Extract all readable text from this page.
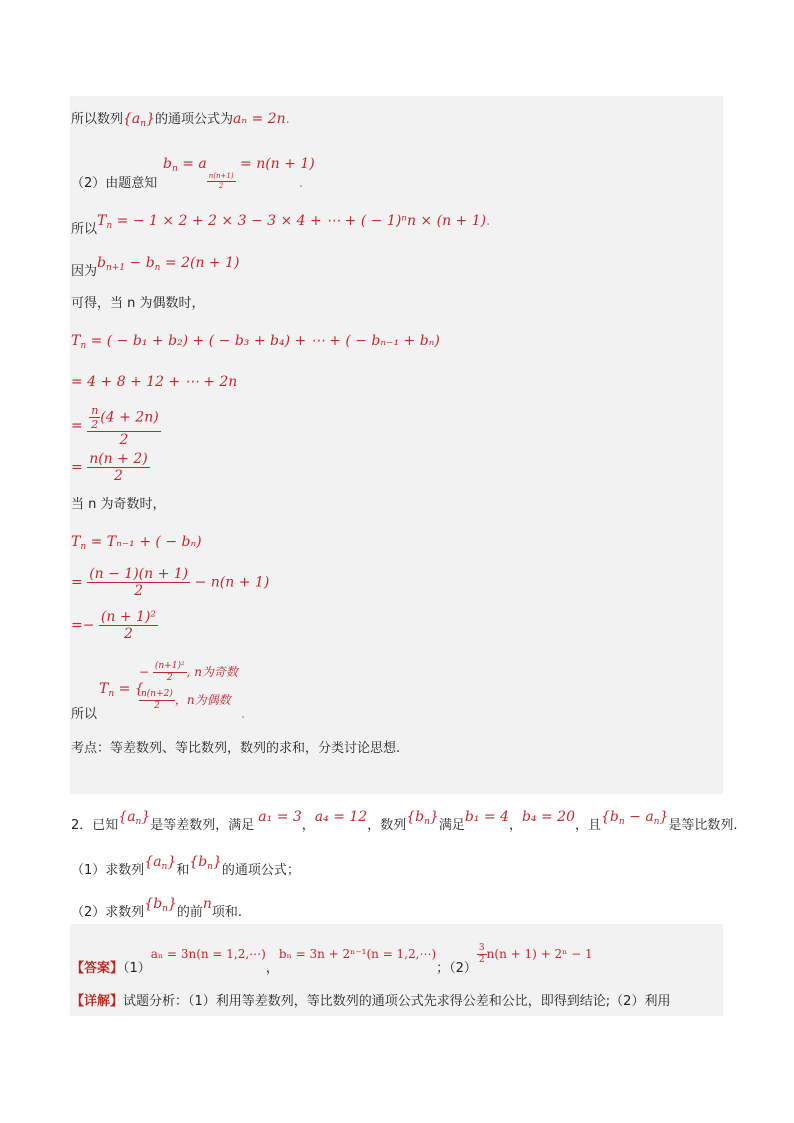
所以数列$\{a_n\}$的通项公式为aₙ = 2n.
（2）由题意知
$b_n = a$
$\frac{n(n+1)}{2}$
= n(n + 1)
.
所以$T_n$ = − 1 × 2 + 2 × 3 − 3 × 4 + ⋯ + ( − 1)ⁿn × (n + 1).
因为$b_{n+1} - b_n = 2(n + 1)$
可得，当 n 为偶数时，
$T_n$ = ( − b₁ + b₂) + ( − b₃ + b₄) + ⋯ + ( − bₙ₋₁ + bₙ)
= 4 + 8 + 12 + ⋯ + 2n
= $\frac{\frac{n}{2} (4 + 2n)}{2}$
= $\frac{n(n + 2)}{2}$
当 n 为奇数时，
$T_n = T_{n-1}$ + ( − bₙ)
= $\frac{(n - 1)(n + 1)}{2} - n(n + 1)$
=− $\frac{\text{(n + 1)²}}{2}$
所以
$T_n$ = {
− $\frac{\text{(n+1)²}}{2}$ , n为奇数
$\frac{n(n+2)}{2}$ ，n为偶数
.
考点：等差数列、等比数列，数列的求和，分类讨论思想.
2．已知$\{a_n\}$是等差数列，满足a₁ = 3，a₄ = 12，数列$\{b_n\}$满足b₁ = 4，b₄ = 20，且$\{b_n - a_n\}$是等比数列.
（1）求数列$\{a_n\}$和$\{b_n\}$的通项公式；
（2）求数列$\{b_n\}$的前n项和.
【答案】（1）aₙ = 3n(n = 1,2,⋯)，bₙ = 3n + 2ⁿ⁻¹(n = 1,2,⋯)；（2）
$\frac{3}{2} n(n + 1) + 2^n - 1$
【详解】试题分析：（1）利用等差数列，等比数列的通项公式先求得公差和公比，即得到结论;（2）利用
